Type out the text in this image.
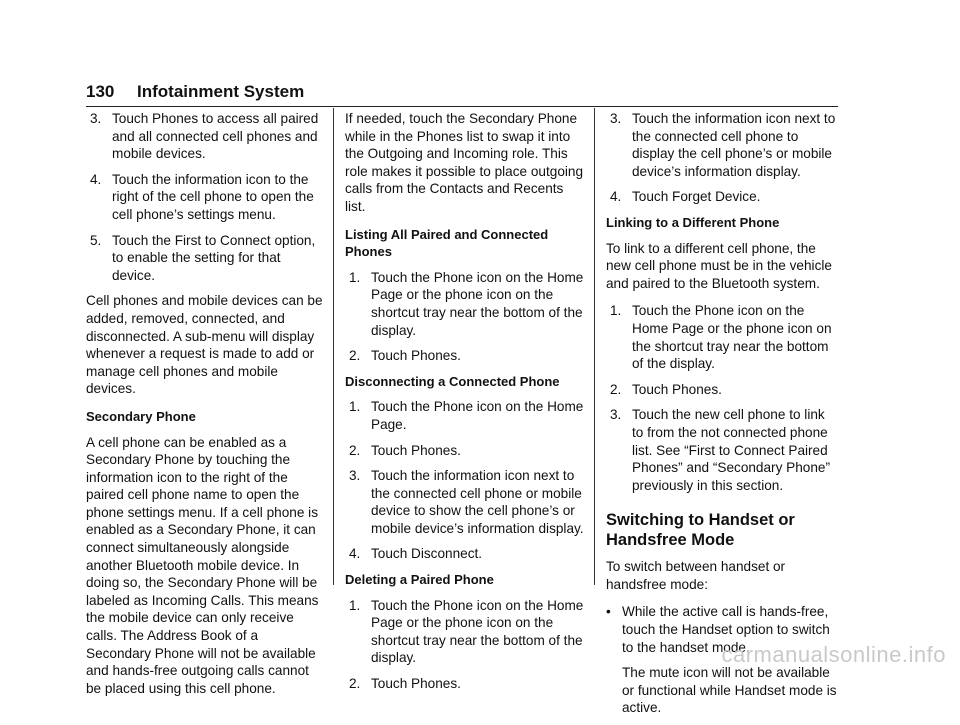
130 Infotainment System
3. Touch Phones to access all paired and all connected cell phones and mobile devices.
4. Touch the information icon to the right of the cell phone to open the cell phone’s settings menu.
5. Touch the First to Connect option, to enable the setting for that device.

Cell phones and mobile devices can be added, removed, connected, and disconnected. A sub-menu will display whenever a request is made to add or manage cell phones and mobile devices.

Secondary Phone

A cell phone can be enabled as a Secondary Phone by touching the information icon to the right of the paired cell phone name to open the phone settings menu. If a cell phone is enabled as a Secondary Phone, it can connect simultaneously alongside another Bluetooth mobile device. In doing so, the Secondary Phone will be labeled as Incoming Calls. This means the mobile device can only receive calls. The Address Book of a Secondary Phone will not be available and hands-free outgoing calls cannot be placed using this cell phone.

If needed, touch the Secondary Phone while in the Phones list to swap it into the Outgoing and Incoming role. This role makes it possible to place outgoing calls from the Contacts and Recents list.

Listing All Paired and Connected Phones
1. Touch the Phone icon on the Home Page or the phone icon on the shortcut tray near the bottom of the display.
2. Touch Phones.
Disconnecting a Connected Phone
1. Touch the Phone icon on the Home Page.
2. Touch Phones.
3. Touch the information icon next to the connected cell phone or mobile device to show the cell phone’s or mobile device’s information display.
4. Touch Disconnect.
Deleting a Paired Phone
1. Touch the Phone icon on the Home Page or the phone icon on the shortcut tray near the bottom of the display.
2. Touch Phones.
3. Touch the information icon next to the connected cell phone to display the cell phone’s or mobile device’s information display.
4. Touch Forget Device.
Linking to a Different Phone

To link to a different cell phone, the new cell phone must be in the vehicle and paired to the Bluetooth system.

1. Touch the Phone icon on the Home Page or the phone icon on the shortcut tray near the bottom of the display.
2. Touch Phones.
3. Touch the new cell phone to link to from the not connected phone list. See “First to Connect Paired Phones” and “Secondary Phone” previously in this section.
Switching to Handset or Handsfree Mode

To switch between handset or handsfree mode:

• While the active call is hands-free, touch the Handset option to switch to the handset mode.
The mute icon will not be available or functional while Handset mode is active.
carmanualsonline.info
